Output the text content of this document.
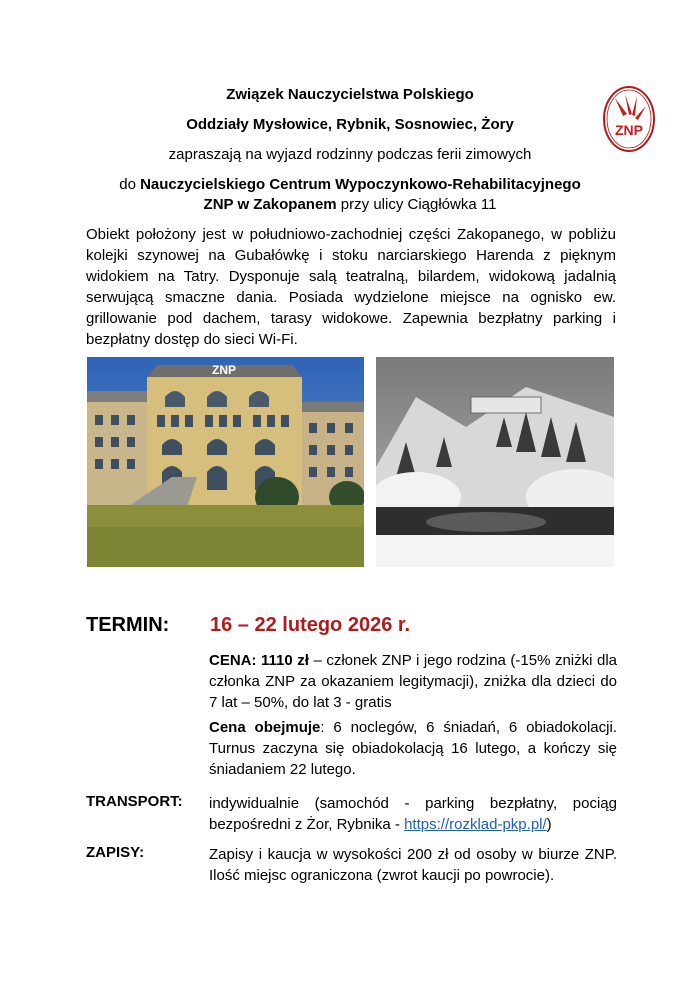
ZNP
Związek Nauczycielstwa Polskiego
Oddziały Mysłowice, Rybnik, Sosnowiec, Żory
zapraszają na wyjazd rodzinny podczas ferii zimowych
do Nauczycielskiego Centrum Wypoczynkowo-Rehabilitacyjnego
ZNP w Zakopanem przy ulicy Ciągłówka 11
Obiekt położony jest w południowo-zachodniej części Zakopanego, w pobliżu kolejki szynowej na Gubałówkę i stoku narciarskiego Harenda z pięknym widokiem na Tatry. Dysponuje salą teatralną, bilardem, widokową jadalnią serwującą smaczne dania. Posiada wydzielone miejsce na ognisko ew. grillowanie pod dachem, tarasy widokowe. Zapewnia bezpłatny parking i bezpłatny dostęp do sieci Wi-Fi.
ZNP
TERMIN: 16 – 22 lutego 2026 r.
CENA: 1110 zł – członek ZNP i jego rodzina (-15% zniżki dla członka ZNP za okazaniem legitymacji), zniżka dla dzieci do 7 lat – 50%, do lat 3 - gratis
Cena obejmuje: 6 noclegów, 6 śniadań, 6 obiadokolacji. Turnus zaczyna się obiadokolacją 16 lutego, a kończy się śniadaniem 22 lutego.
TRANSPORT: indywidualnie (samochód - parking bezpłatny, pociąg bezpośredni z Żor, Rybnika - https://rozklad-pkp.pl/)
ZAPISY:	Zapisy i kaucja w wysokości 200 zł od osoby w biurze ZNP. Ilość miejsc ograniczona (zwrot kaucji po powrocie).
